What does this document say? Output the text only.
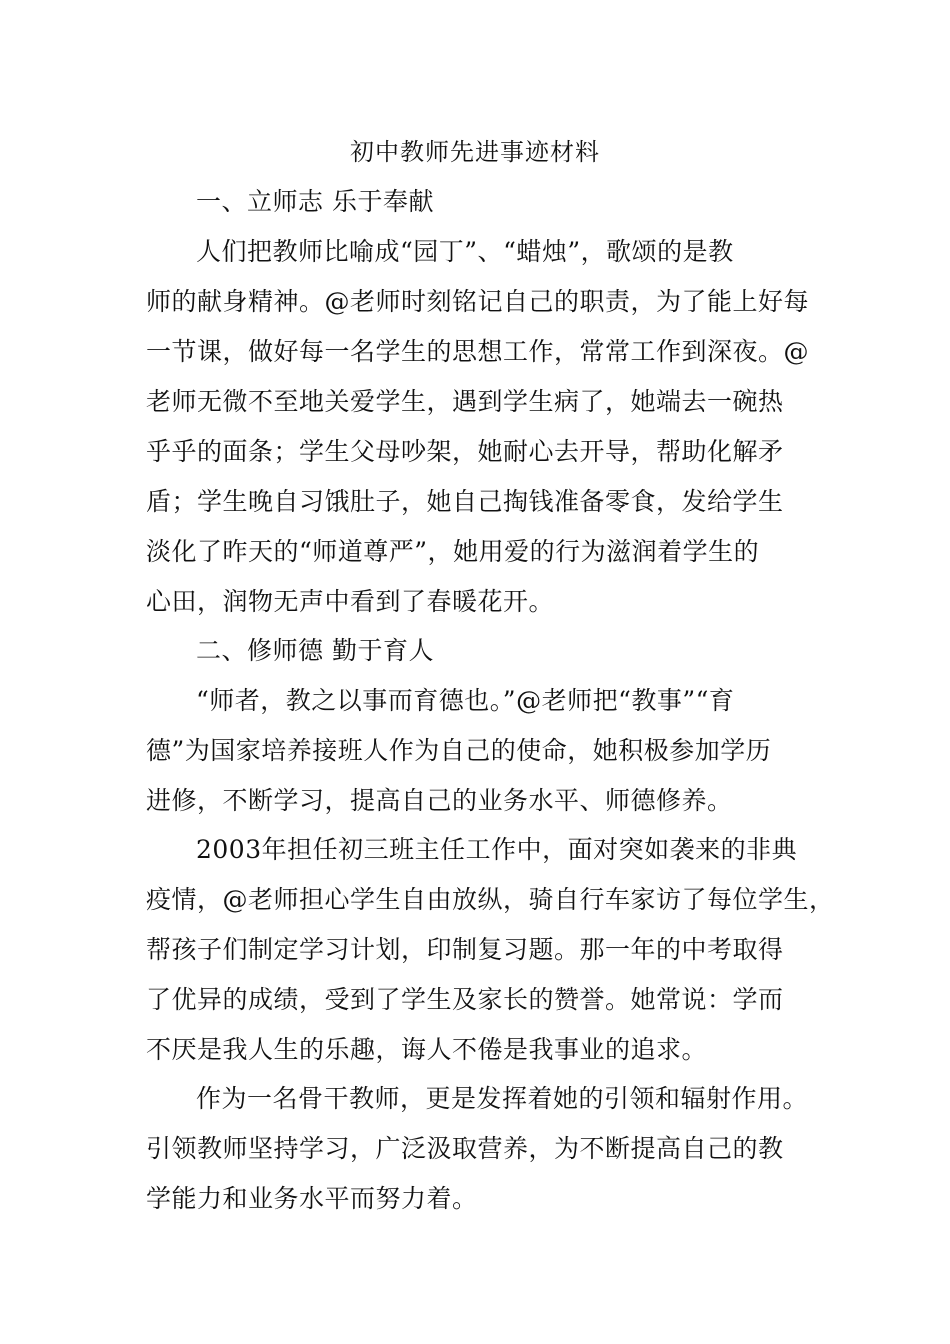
初中教师先进事迹材料
一、立师志 乐于奉献
人们把教师比喻成“园丁”、“蜡烛”，歌颂的是教
师的献身精神。@老师时刻铭记自己的职责，为了能上好每
一节课，做好每一名学生的思想工作，常常工作到深夜。@
老师无微不至地关爱学生，遇到学生病了，她端去一碗热
乎乎的面条；学生父母吵架，她耐心去开导，帮助化解矛
盾；学生晚自习饿肚子，她自己掏钱准备零食，发给学生
淡化了昨天的“师道尊严”，她用爱的行为滋润着学生的
心田，润物无声中看到了春暖花开。
二、修师德 勤于育人
“师者，教之以事而育德也。”@老师把“教事”“育
德”为国家培养接班人作为自己的使命，她积极参加学历
进修，不断学习，提高自己的业务水平、师德修养。
2003年担任初三班主任工作中，面对突如袭来的非典
疫情，@老师担心学生自由放纵，骑自行车家访了每位学生，
帮孩子们制定学习计划，印制复习题。那一年的中考取得
了优异的成绩，受到了学生及家长的赞誉。她常说：学而
不厌是我人生的乐趣，诲人不倦是我事业的追求。
作为一名骨干教师，更是发挥着她的引领和辐射作用。
引领教师坚持学习，广泛汲取营养，为不断提高自己的教
学能力和业务水平而努力着。
